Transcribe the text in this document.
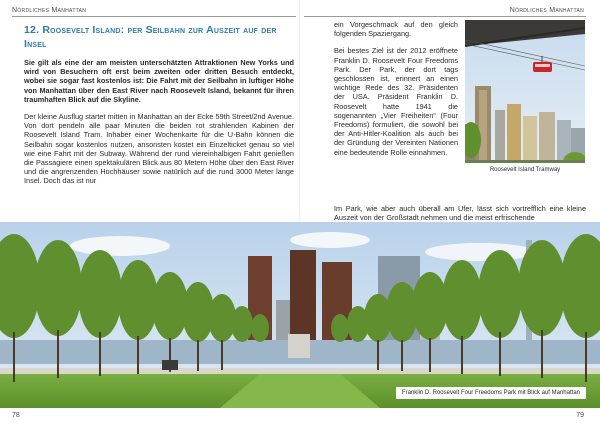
Nördliches Manhattan	Nördliches Manhattan
12. Roosevelt Island: per Seilbahn zur Auszeit auf der Insel

Sie gilt als eine der am meisten unterschätzten Attraktionen New Yorks und wird von Besuchern oft erst beim zweiten oder dritten Besuch entdeckt, wobei sie sogar fast kostenlos ist: Die Fahrt mit der Seilbahn in luftiger Höhe von Manhattan über den East River nach Roosevelt Island, bekannt für ihren traumhaften Blick auf die Skyline.

Der kleine Ausflug startet mitten in Manhattan an der Ecke 59th Street/2nd Avenue. Von dort pendeln alle paar Minuten die beiden rot strahlenden Kabinen der Roosevelt Island Tram. Inhaber einer Wochenkarte für die U-Bahn können die Seilbahn sogar kostenlos nutzen, ansonsten kostet ein Einzelticket genau so viel wie eine Fahrt mit der Subway. Während der rund viereinhalbigen Fahrt genießen die Passagiere einen spektakulären Blick aus 80 Metern Höhe über den East River und die angrenzenden Hochhäuser sowie natürlich auf die rund 3000 Meter lange Insel. Doch das ist nur

ein Vorgeschmack auf den gleich folgenden Spaziergang.

Bei bestes Ziel ist der 2012 eröffnete Franklin D. Roosevelt Four Freedoms Park. Der Park, der dort tags geschlossen ist, erinnert an einen wichtige Rede des 32. Präsidenten der USA. Präsident Franklin D. Roosevelt hatte 1941 die sogenannten „Vier Freiheiten“ (Four Freedoms) formuliert, die sowohl bei der Anti-Hitler-Koalition als auch bei der Gründung der Vereinten Nationen eine bedeutende Rolle einnahmen.

Im Park, wie aber auch überall am Ufer, lässt sich vortrefflich eine kleine Auszeit von der Großstadt nehmen und die meist erfrischende

Roosevelt Island Tramway

Franklin D. Roosevelt Four Freedoms Park mit Blick auf Manhattan

78	79
